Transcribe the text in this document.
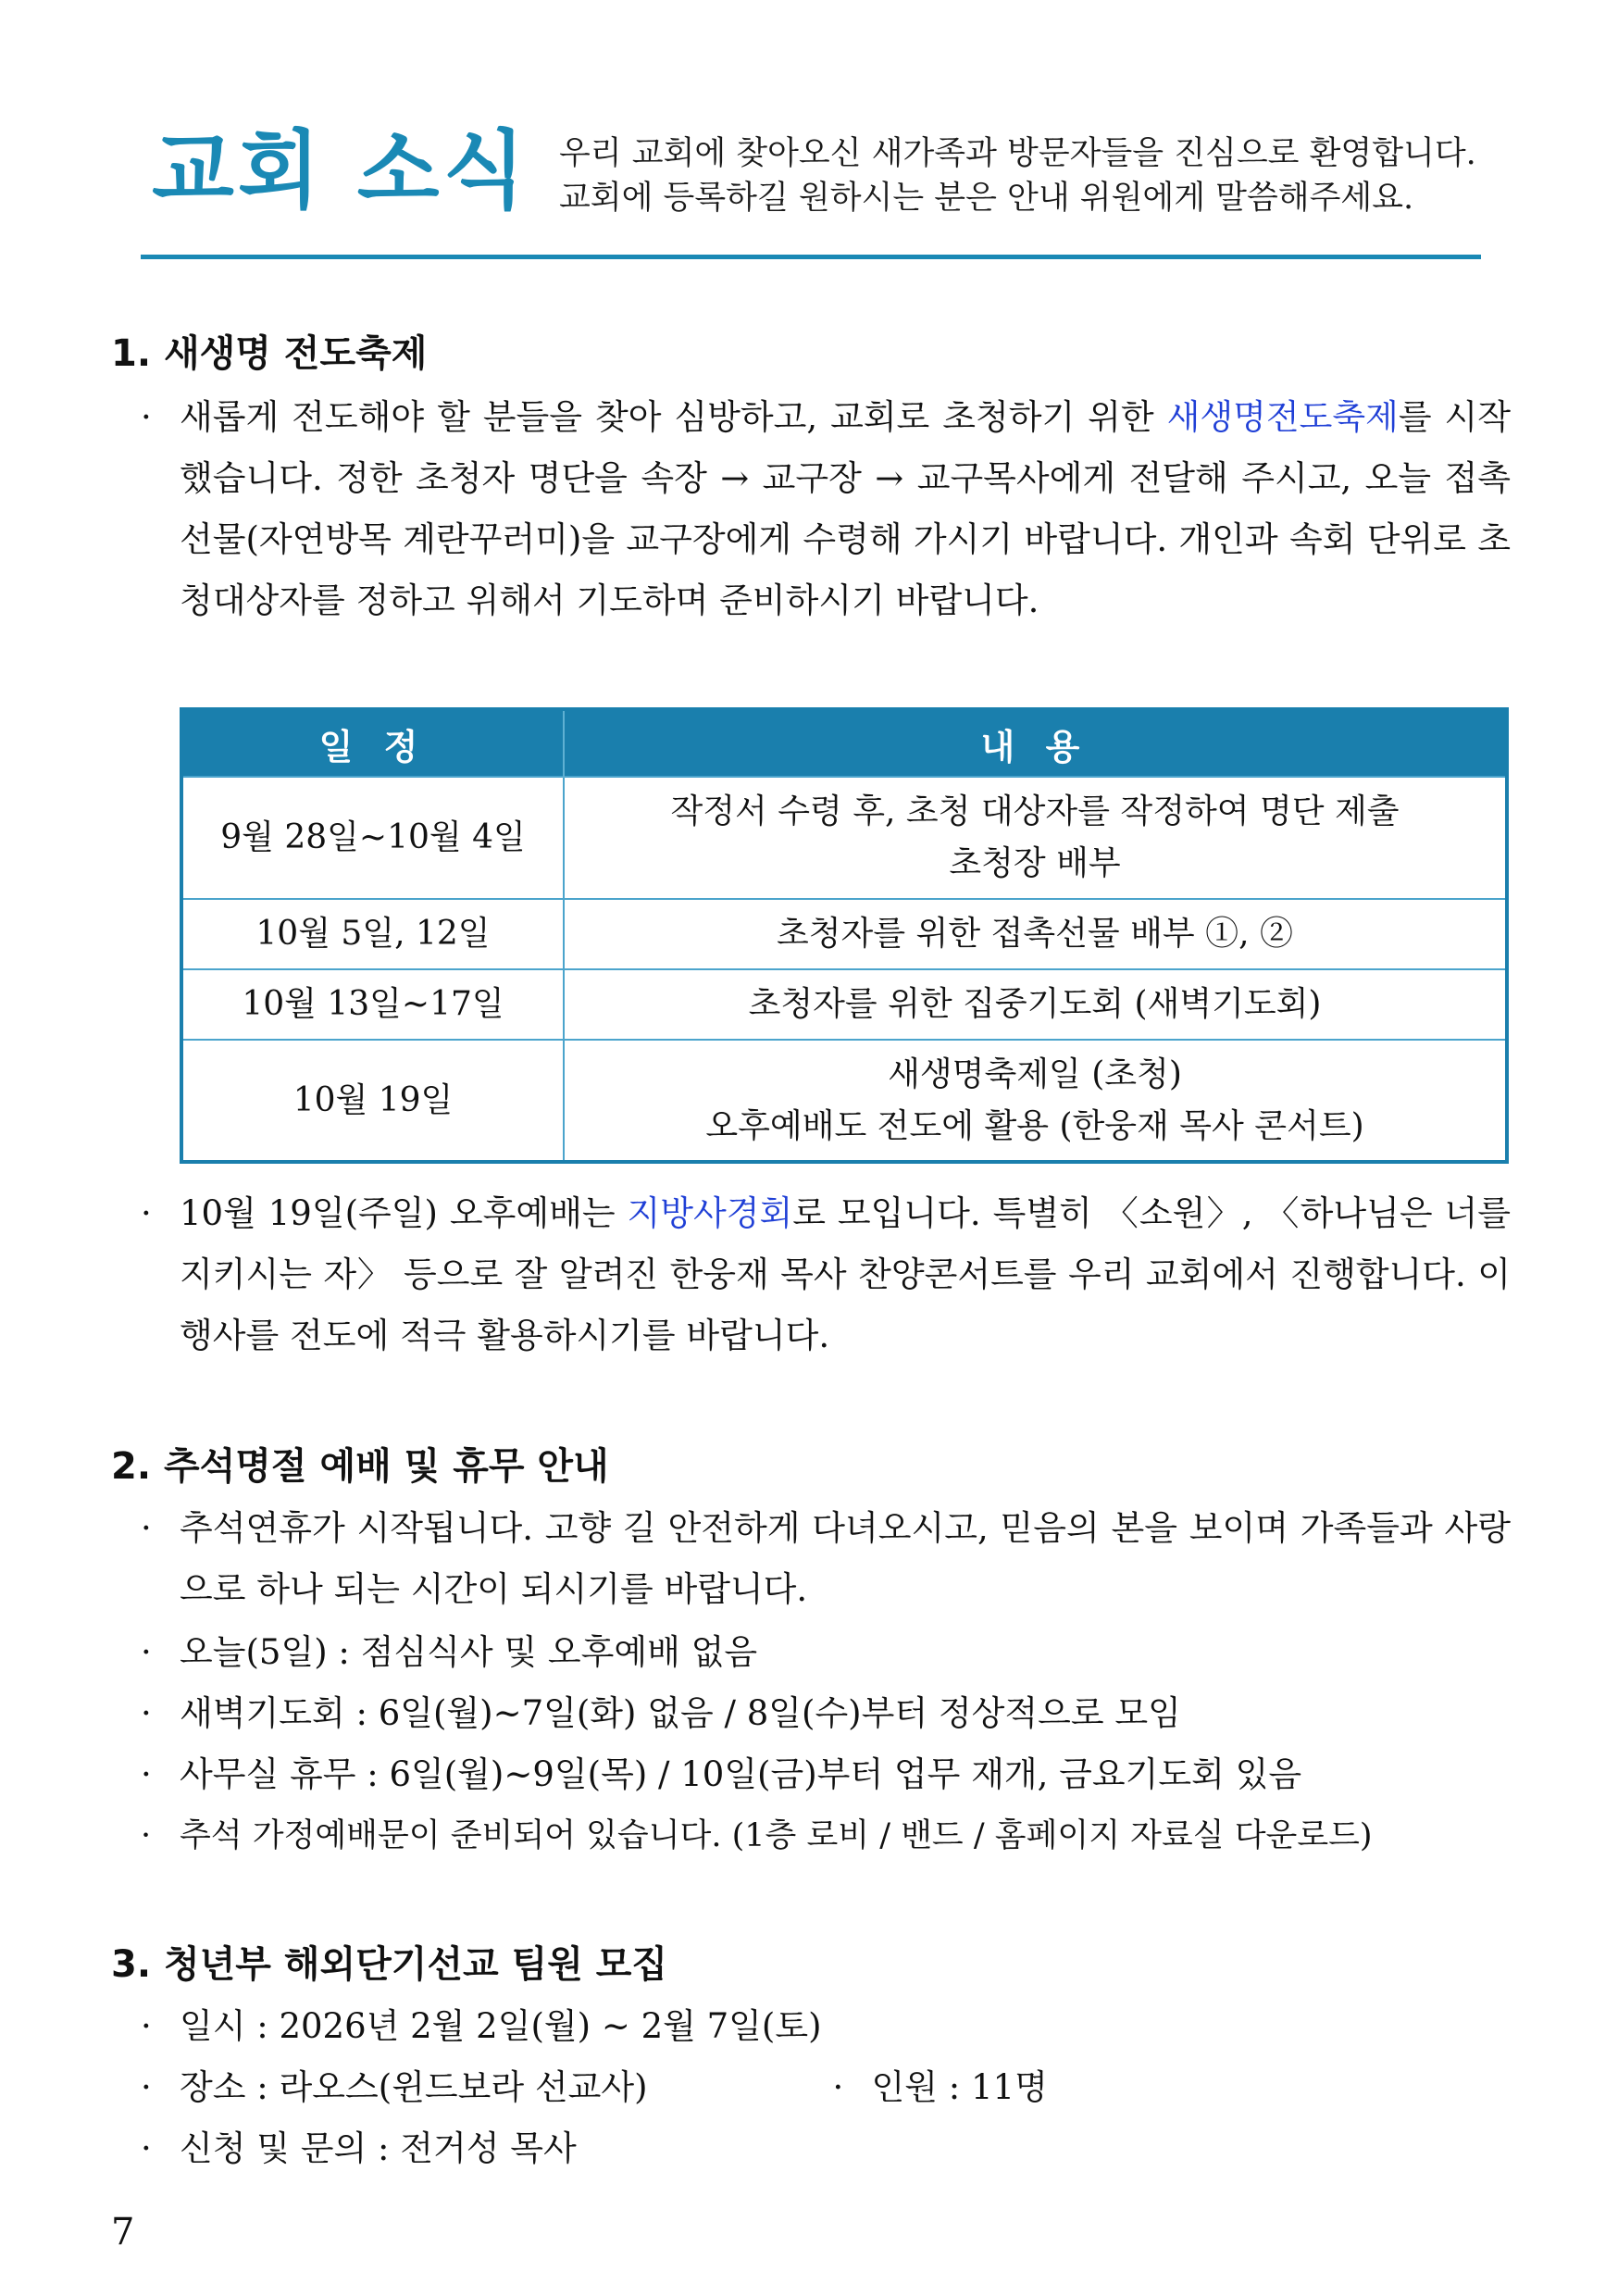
교회 소식 우리 교회에 찾아오신 새가족과 방문자들을 진심으로 환영합니다.
교회에 등록하길 원하시는 분은 안내 위원에게 말씀해주세요.
1. 새생명 전도축제
· 새롭게 전도해야 할 분들을 찾아 심방하고, 교회로 초청하기 위한 새생명전도축제를 시작 했습니다. 정한 초청자 명단을 속장 → 교구장 → 교구목사에게 전달해 주시고, 오늘 접촉선물(자연방목 계란꾸러미)을 교구장에게 수령해 가시기 바랍니다. 개인과 속회 단위로 초청대상자를 정하고 위해서 기도하며 준비하시기 바랍니다.
일 정	내 용
9월 28일~10월 4일	작정서 수령 후, 초청 대상자를 작정하여 명단 제출
초청장 배부

10월 5일, 12일	초청자를 위한 접촉선물 배부 ①, ②
10월 13일~17일	초청자를 위한 집중기도회 (새벽기도회)
10월 19일	새생명축제일 (초청)
오후예배도 전도에 활용 (한웅재 목사 콘서트)
· 10월 19일(주일) 오후예배는 지방사경회로 모입니다. 특별히 〈소원〉, 〈하나님은 너를 지키시는 자〉 등으로 잘 알려진 한웅재 목사 찬양콘서트를 우리 교회에서 진행합니다. 이 행사를 전도에 적극 활용하시기를 바랍니다.
2. 추석명절 예배 및 휴무 안내
· 추석연휴가 시작됩니다. 고향 길 안전하게 다녀오시고, 믿음의 본을 보이며 가족들과 사랑으로 하나 되는 시간이 되시기를 바랍니다.
· 오늘(5일) : 점심식사 및 오후예배 없음
· 새벽기도회 : 6일(월)~7일(화) 없음 / 8일(수)부터 정상적으로 모임
· 사무실 휴무 : 6일(월)~9일(목) / 10일(금)부터 업무 재개, 금요기도회 있음
· 추석 가정예배문이 준비되어 있습니다. (1층 로비 / 밴드 / 홈페이지 자료실 다운로드)
3. 청년부 해외단기선교 팀원 모집
· 일시 : 2026년 2월 2일(월) ~ 2월 7일(토)
· 장소 : 라오스(윈드보라 선교사)	· 인원 : 11명
· 신청 및 문의 : 전거성 목사
7
